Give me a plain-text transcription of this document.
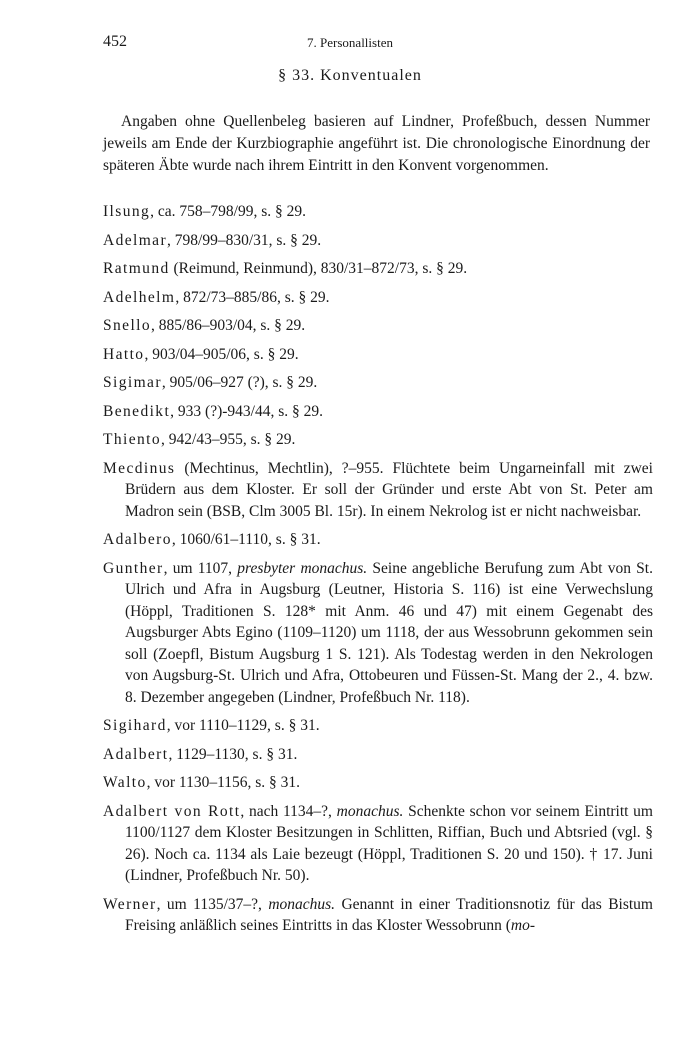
452	7. Personallisten
§ 33. Konventualen

Angaben ohne Quellenbeleg basieren auf Lindner, Profeßbuch, dessen Nummer jeweils am Ende der Kurzbiographie angeführt ist. Die chronologische Einordnung der späteren Äbte wurde nach ihrem Eintritt in den Konvent vorgenommen.

Ilsung, ca. 758–798/99, s. § 29.

Adelmar, 798/99–830/31, s. § 29.

Ratmund (Reimund, Reinmund), 830/31–872/73, s. § 29.

Adelhelm, 872/73–885/86, s. § 29.

Snello, 885/86–903/04, s. § 29.

Hatto, 903/04–905/06, s. § 29.

Sigimar, 905/06–927 (?), s. § 29.

Benedikt, 933 (?)-943/44, s. § 29.

Thiento, 942/43–955, s. § 29.

Mecdinus (Mechtinus, Mechtlin), ?–955. Flüchtete beim Ungarneinfall mit zwei Brüdern aus dem Kloster. Er soll der Gründer und erste Abt von St. Peter am Madron sein (BSB, Clm 3005 Bl. 15r). In einem Nekrolog ist er nicht nachweisbar.

Adalbero, 1060/61–1110, s. § 31.

Gunther, um 1107, presbyter monachus. Seine angebliche Berufung zum Abt von St. Ulrich und Afra in Augsburg (Leutner, Historia S. 116) ist eine Verwechslung (Höppl, Traditionen S. 128* mit Anm. 46 und 47) mit einem Gegenabt des Augsburger Abts Egino (1109–1120) um 1118, der aus Wessobrunn gekommen sein soll (Zoepfl, Bistum Augsburg 1 S. 121). Als Todestag werden in den Nekrologen von Augsburg-St. Ulrich und Afra, Ottobeuren und Füssen-St. Mang der 2., 4. bzw. 8. Dezember angegeben (Lindner, Profeßbuch Nr. 118).

Sigihard, vor 1110–1129, s. § 31.

Adalbert, 1129–1130, s. § 31.

Walto, vor 1130–1156, s. § 31.

Adalbert von Rott, nach 1134–?, monachus. Schenkte schon vor seinem Eintritt um 1100/1127 dem Kloster Besitzungen in Schlitten, Riffian, Buch und Abtsried (vgl. § 26). Noch ca. 1134 als Laie bezeugt (Höppl, Traditionen S. 20 und 150). † 17. Juni (Lindner, Profeßbuch Nr. 50).

Werner, um 1135/37–?, monachus. Genannt in einer Traditionsnotiz für das Bistum Freising anläßlich seines Eintritts in das Kloster Wessobrunn (mo-
